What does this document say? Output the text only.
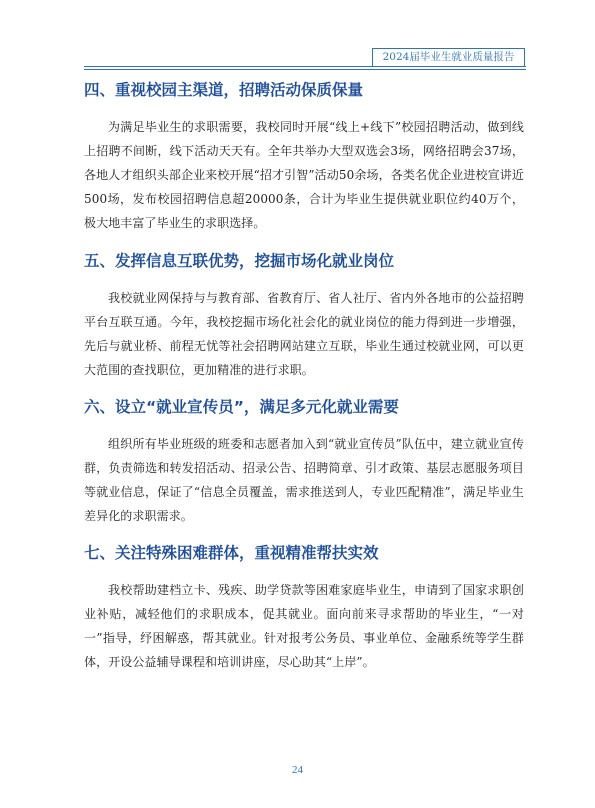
2024届毕业生就业质量报告
四、重视校园主渠道，招聘活动保质保量

为满足毕业生的求职需要，我校同时开展“线上+线下”校园招聘活动，做到线上招聘不间断，线下活动天天有。全年共举办大型双选会3场，网络招聘会37场，各地人才组织头部企业来校开展“招才引智”活动50余场，各类名优企业进校宣讲近500场，发布校园招聘信息超20000条，合计为毕业生提供就业职位约40万个，极大地丰富了毕业生的求职选择。

五、发挥信息互联优势，挖掘市场化就业岗位

我校就业网保持与与教育部、省教育厅、省人社厅、省内外各地市的公益招聘平台互联互通。今年，我校挖掘市场化社会化的就业岗位的能力得到进一步增强，先后与就业桥、前程无忧等社会招聘网站建立互联，毕业生通过校就业网，可以更大范围的查找职位，更加精准的进行求职。

六、设立“就业宣传员”，满足多元化就业需要

组织所有毕业班级的班委和志愿者加入到“就业宣传员”队伍中，建立就业宣传群，负责筛选和转发招活动、招录公告、招聘简章、引才政策、基层志愿服务项目等就业信息，保证了“信息全员覆盖，需求推送到人，专业匹配精准”，满足毕业生差异化的求职需求。

七、关注特殊困难群体，重视精准帮扶实效

我校帮助建档立卡、残疾、助学贷款等困难家庭毕业生，申请到了国家求职创业补贴，减轻他们的求职成本，促其就业。面向前来寻求帮助的毕业生，“一对一”指导，纾困解惑，帮其就业。针对报考公务员、事业单位、金融系统等学生群体，开设公益辅导课程和培训讲座，尽心助其“上岸”。

24
